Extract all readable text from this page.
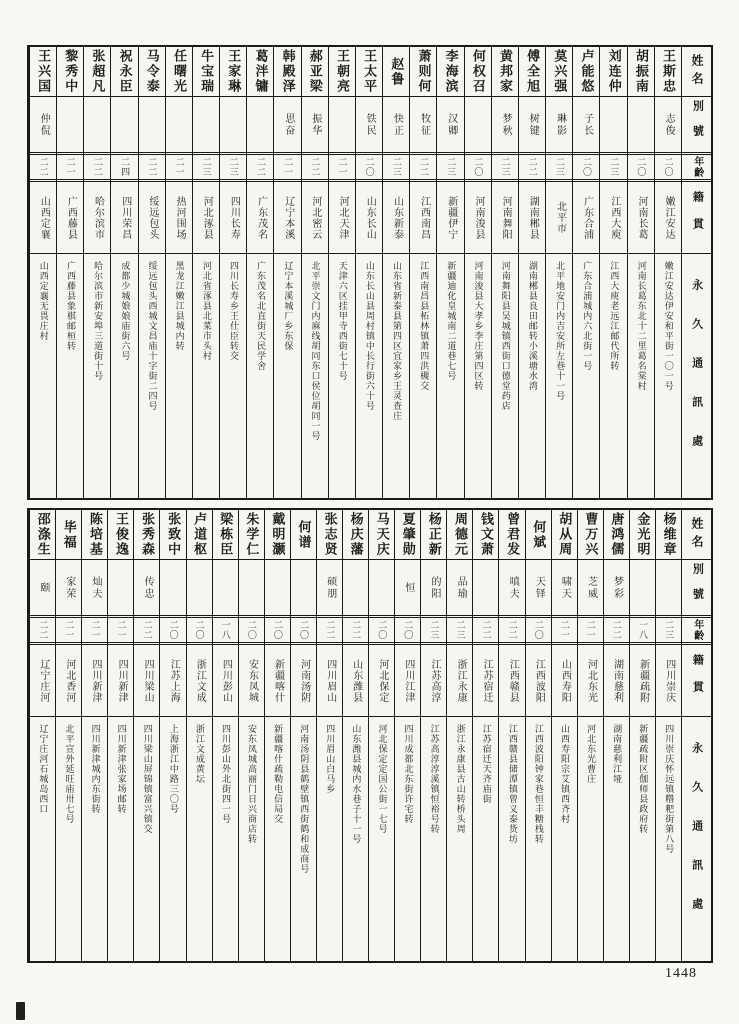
姓名
別號
年齡
籍貫
永久通訊處
王斯忠
志俊
二〇
嫩江安达
嫩江安达伊安和平街一〇一号
胡振南
二〇
河南长葛
河南长葛东北十二里葛名棠村
刘连仲
二三
江西大庾
江西大庾老远江邮代所转
卢能悠
子长
二〇
广东合浦
广东合浦城内六北街一号
莫兴强
琳影
二三
北平市
北平地安门内吉安所左巷十一号
傅全旭
树键
二二
湖南郴县
湖南郴县良田邮转小溪塘水湾
黄邦家
梦秋
二三
河南舞阳
河南舞阳县吴城镇西街口德堂药店
何权召
二〇
河南浚县
河南浚县大孝乡李庄第四区转
李海滨
汉卿
二三
新疆伊宁
新疆迪化皇城南二道巷七号
萧则何
牧征
二二
江西南昌
江西南昌县柘林镇萧四洪槻交
赵鲁
快正
二三
山东新泰
山东省新泰县第四区宜家乡王灵查庄
王太平
铁民
二〇
山东长山
山东长山县周村镇中长行街六十号
王朝亮
二一
河北天津
天津六区挂甲寺西街七十号
郝亚梁
振华
二二
河北密云
北平崇文门内麻线胡同东口侯位胡同一号
韩殿泽
思奋
二一
辽宁本溪
辽宁本溪城厂乡东保
葛泮镛
二二
广东茂名
广东茂名北直街天民学舍
王家琳
二三
四川长寿
四川长寿乡王仕臣转交
牛宝瑞
二三
河北涿县
河北省涿县北菜市头村
任曙光
二一
热河围场
黑龙江嫩江县城内转
马令泰
二二
绥远包头
绥远包头西城文昌庙十字街二四号
祝永臣
二四
四川荣昌
成都少城娘娘庙街六号
张超凡
二二
哈尔滨市
哈尔滨市新安埠三道街十号
黎秀中
二一
广西藤县
广西藤县象棋邮桓转
王兴国
仲侃
二二
山西定襄
山西定襄无畏庄村
姓名
別號
年齡
籍貫
永久通訊處
杨维章
二三
四川崇庆
四川崇庆怀远镇糌粑街第八号
金光明
一八
新疆疏附
新疆疏附区伽师县政府转
唐鸿儒
梦彩
二二
湖南慈利
湖南慈利江垭
曹万兴
芝威
二一
河北东光
河北东光曹庄
胡从周
啸天
二一
山西寿阳
山西寿阳宗艾镇西齐村
何斌
天铎
二〇
江西波阳
江西波阳钟家巷恒丰糖栈转
曾君发
嗔夫
二二
江西赣县
江西赣县储潭镇曾义泰货坊
钱文萧
二二
江苏宿迁
江苏宿迁天齐庙街
周德元
品瑜
二三
浙江永康
浙江永康县古山转桥头周
杨正新
的阳
二三
江苏高淳
江苏高淳淳溪镇恒裕号转
夏肇勋
恒
二〇
四川江津
四川成都北东街许宅转
马天庆
二〇
河北保定
河北保定定国公街一七号
杨庆藩
二二
山东潍县
山东潍县城内水巷子十一号
张志贤
硕朋
二二
四川眉山
四川眉山白马乡
何谱
二〇
河南汤阴
河南汤阴县鹤壁镇西街鹤和成商号
戴明灏
二〇
新疆喀什
新疆喀什疏勒电信局交
朱学仁
二〇
安东凤城
安东凤城高丽门日兴商店转
梁栋臣
一八
四川彭山
四川彭山外北街四一号
卢道枢
二〇
浙江文成
浙江文成黄坛
张致中
二〇
江苏上海
上海浙江中路三〇号
张秀森
传忠
二二
四川梁山
四川梁山屏锦镇富兴镇交
王俊逸
二一
四川新津
四川新津张家场邮转
陈培基
灿夫
二一
四川新津
四川新津城内东街转
毕福
家荣
二一
河北香河
北平宣外延旺庙卅七号
邵涤生
颐
二二
辽宁庄河
辽宁庄河石城岛西口
1448
